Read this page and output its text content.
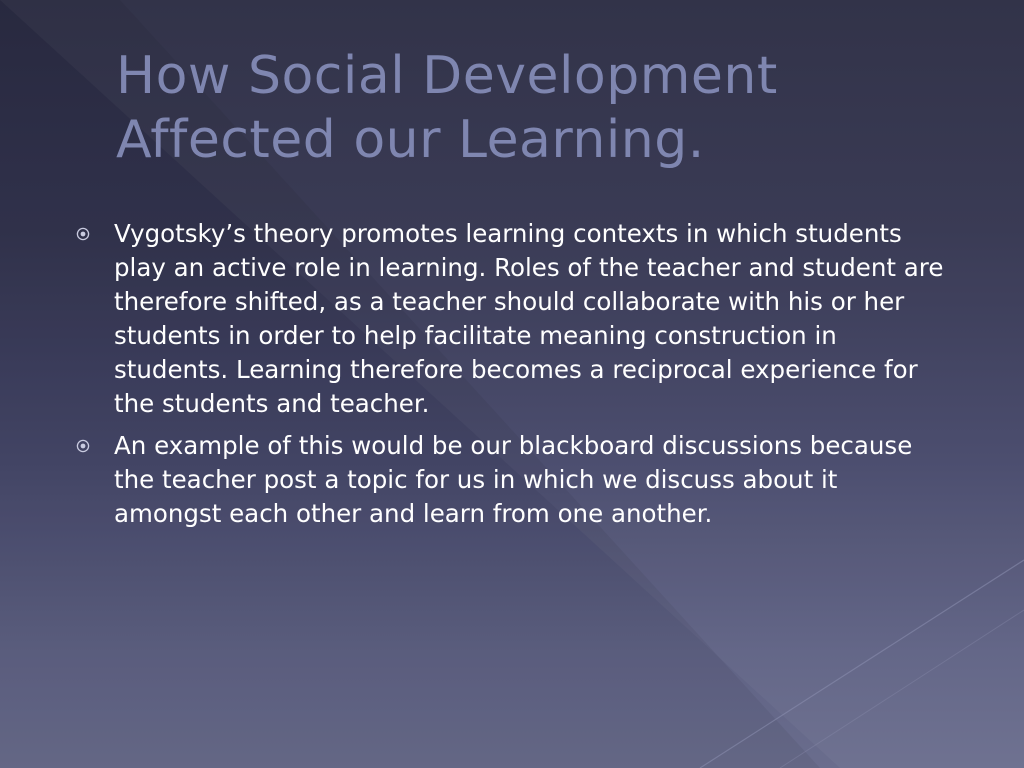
How Social Development
Affected our Learning.
Vygotsky’s theory promotes learning contexts in which students play an active role in learning. Roles of the teacher and student are therefore shifted, as a teacher should collaborate with his or her students in order to help facilitate meaning construction in students. Learning therefore becomes a reciprocal experience for the students and teacher.
An example of this would be our blackboard discussions because the teacher post a topic for us in which we discuss about it amongst each other and learn from one another.
